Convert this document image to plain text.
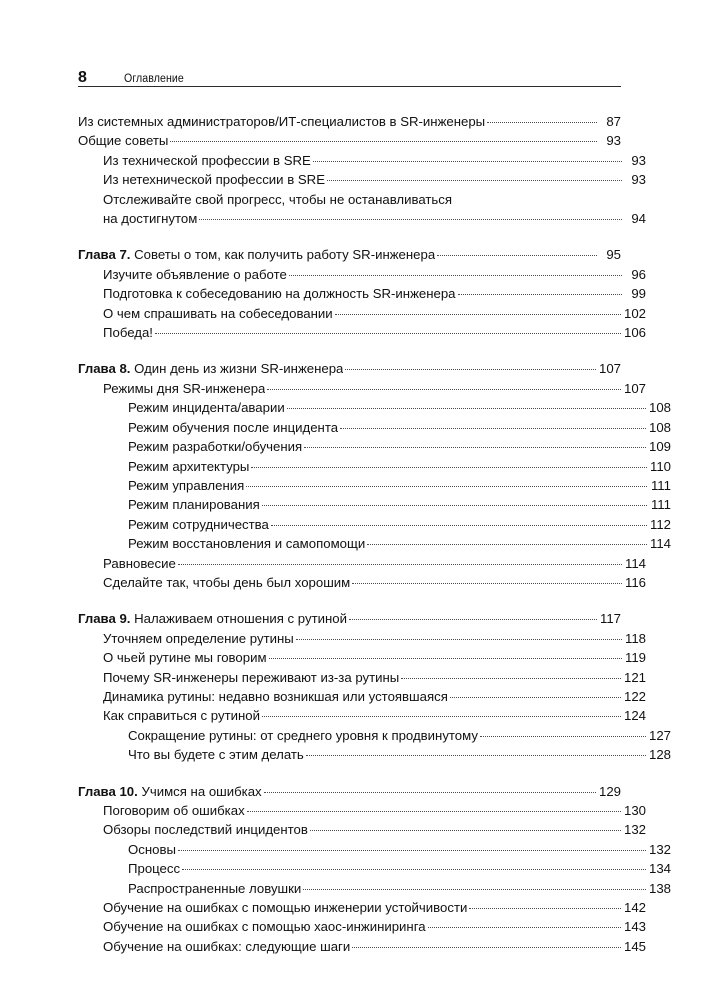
8	Оглавление
Из системных администраторов/ИТ-специалистов в SR-инженеры	87
Общие советы	93
Из технической профессии в SRE	93
Из нетехнической профессии в SRE	93
Отслеживайте свой прогресс, чтобы не останавливаться
на достигнутом	94
Глава 7. Советы о том, как получить работу SR-инженера	95
Изучите объявление о работе	96
Подготовка к собеседованию на должность SR-инженера	99
О чем спрашивать на собеседовании	102
Победа!	106
Глава 8. Один день из жизни SR-инженера	107
Режимы дня SR-инженера	107
Режим инцидента/аварии	108
Режим обучения после инцидента	108
Режим разработки/обучения	109
Режим архитектуры	110
Режим управления	111
Режим планирования	111
Режим сотрудничества	112
Режим восстановления и самопомощи	114
Равновесие	114
Сделайте так, чтобы день был хорошим	116
Глава 9. Налаживаем отношения с рутиной	117
Уточняем определение рутины	118
О чьей рутине мы говорим	119
Почему SR-инженеры переживают из-за рутины	121
Динамика рутины: недавно возникшая или устоявшаяся	122
Как справиться с рутиной	124
Сокращение рутины: от среднего уровня к продвинутому	127
Что вы будете с этим делать	128
Глава 10. Учимся на ошибках	129
Поговорим об ошибках	130
Обзоры последствий инцидентов	132
Основы	132
Процесс	134
Распространенные ловушки	138
Обучение на ошибках с помощью инженерии устойчивости	142
Обучение на ошибках с помощью хаос-инжиниринга	143
Обучение на ошибках: следующие шаги	145
